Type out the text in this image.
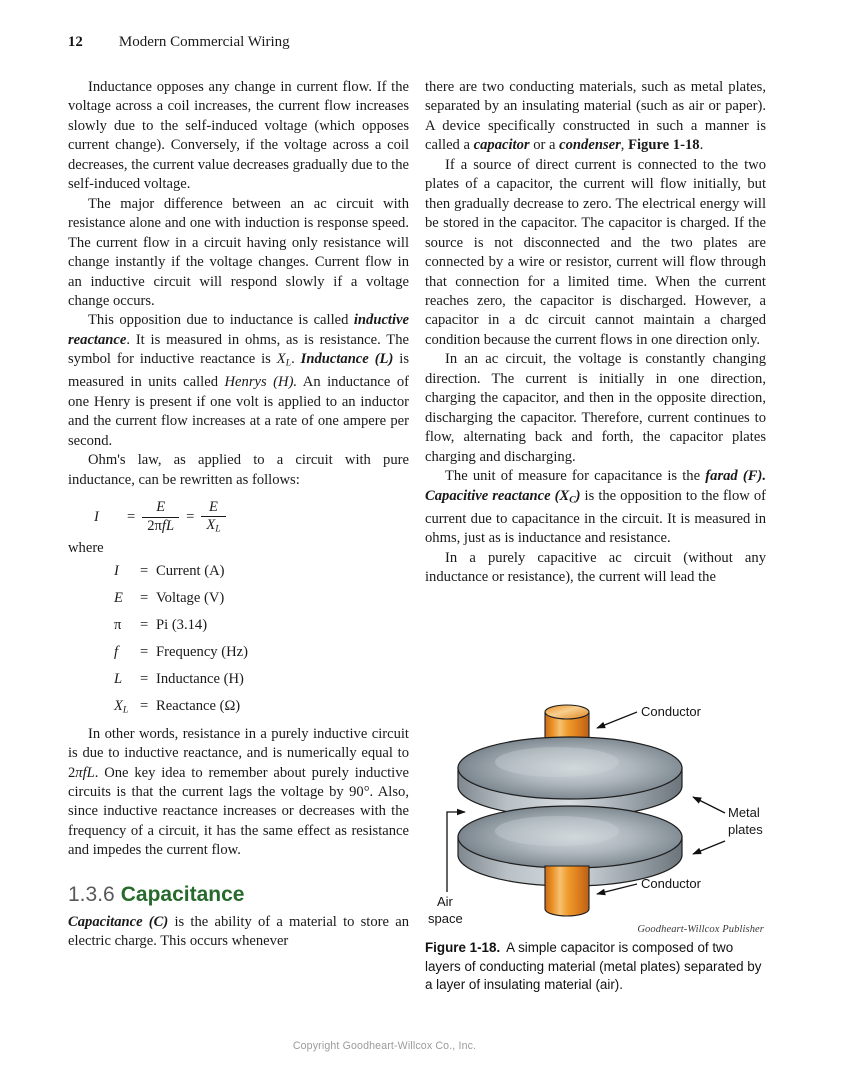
12 Modern Commercial Wiring

Inductance opposes any change in current flow. If the voltage across a coil increases, the current flow increases slowly due to the self-induced voltage (which opposes current change). Conversely, if the voltage across a coil decreases, the current value decreases gradually due to the self-induced voltage.

The major difference between an ac circuit with resistance alone and one with induction is response speed. The current flow in a circuit having only resistance will change instantly if the voltage changes. Current flow in an inductive circuit will respond slowly if a voltage change occurs.

This opposition due to inductance is called inductive reactance. It is measured in ohms, as is resistance. The symbol for inductive reactance is $X_L$. Inductance (L) is measured in units called Henrys (H). An inductance of one Henry is present if one volt is applied to an inductor and the current flow increases at a rate of one ampere per second.

Ohm's law, as applied to a circuit with pure inductance, can be rewritten as follows:

I	= $\frac{E}{\text{2πfL}} = \frac{E}{X_L}$

where

I	= Current (A)
E	= Voltage (V)
π	= Pi (3.14)
f	= Frequency (Hz)
L	= Inductance (H)
$X_L$ = Reactance (Ω)

In other words, resistance in a purely inductive circuit is due to inductive reactance, and is numerically equal to 2πfL. One key idea to remember about purely inductive circuits is that the current lags the voltage by 90°. Also, since inductive reactance increases or decreases with the frequency of a circuit, it has the same effect as resistance and impedes the current flow.

1.3.6 Capacitance

Capacitance (C) is the ability of a material to store an electric charge. This occurs whenever

there are two conducting materials, such as metal plates, separated by an insulating material (such as air or paper). A device specifically constructed in such a manner is called a capacitor or a condenser, Figure 1-18.

If a source of direct current is connected to the two plates of a capacitor, the current will flow initially, but then gradually decrease to zero. The electrical energy will be stored in the capacitor. The capacitor is charged. If the source is not disconnected and the two plates are connected by a wire or resistor, current will flow through that connection for a limited time. When the current reaches zero, the capacitor is discharged. However, a capacitor in a dc circuit cannot maintain a charged condition because the current flows in one direction only.

In an ac circuit, the voltage is constantly changing direction. The current is initially in one direction, charging the capacitor, and then in the opposite direction, discharging the capacitor. Therefore, current continues to flow, alternating back and forth, the capacitor plates charging and discharging.

The unit of measure for capacitance is the farad (F). Capacitive reactance $(X_C)$ is the opposition to the flow of current due to capacitance in the circuit. It is measured in ohms, just as is inductance and resistance.

In a purely capacitive ac circuit (without any inductance or resistance), the current will lead the

Conductor
Metal
plates
Conductor
Air
space
Goodheart-Willcox Publisher
Figure 1-18. A simple capacitor is composed of two layers of conducting material (metal plates) separated by a layer of insulating material (air).
Copyright Goodheart-Willcox Co., Inc.
